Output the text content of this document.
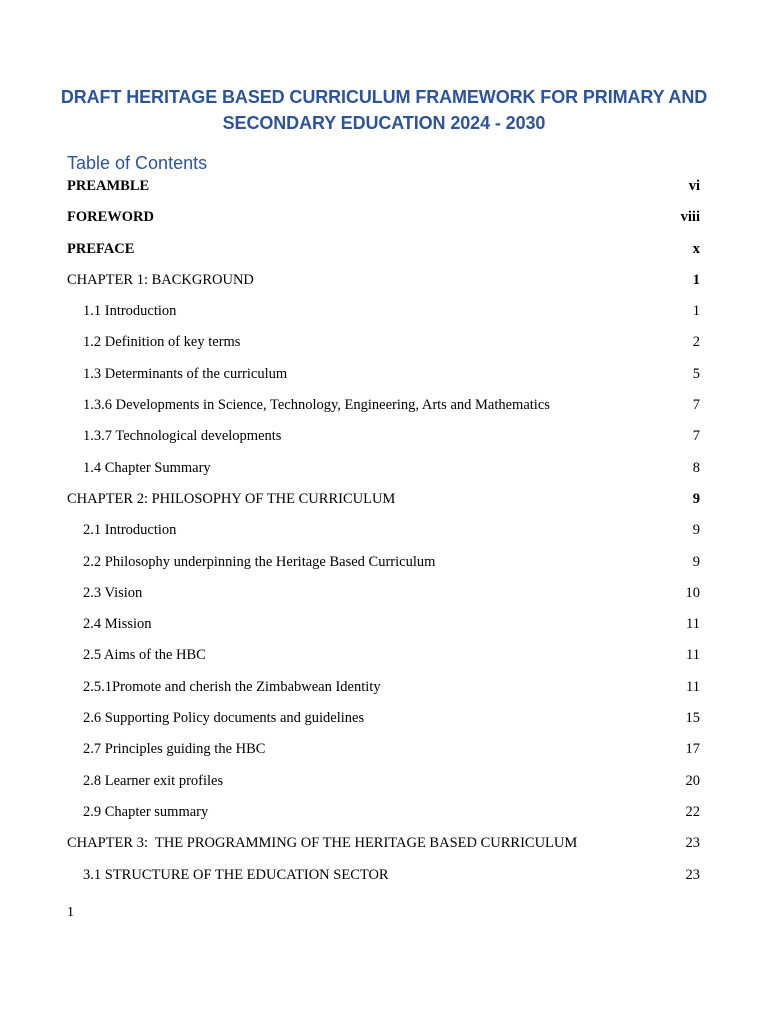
DRAFT HERITAGE BASED CURRICULUM FRAMEWORK FOR PRIMARY AND
SECONDARY EDUCATION 2024 - 2030
Table of Contents
PREAMBLE	vi
FOREWORD	viii
PREFACE	x
CHAPTER 1: BACKGROUND	1
1.1 Introduction	1
1.2 Definition of key terms	2
1.3 Determinants of the curriculum	5
1.3.6 Developments in Science, Technology, Engineering, Arts and Mathematics	7
1.3.7 Technological developments	7
1.4 Chapter Summary	8
CHAPTER 2: PHILOSOPHY OF THE CURRICULUM	9
2.1 Introduction	9
2.2 Philosophy underpinning the Heritage Based Curriculum	9
2.3 Vision	10
2.4 Mission	11
2.5 Aims of the HBC	11
2.5.1Promote and cherish the Zimbabwean Identity	11
2.6 Supporting Policy documents and guidelines	15
2.7 Principles guiding the HBC	17
2.8 Learner exit profiles	20
2.9 Chapter summary	22
CHAPTER 3:  THE PROGRAMMING OF THE HERITAGE BASED CURRICULUM	23
3.1 STRUCTURE OF THE EDUCATION SECTOR	23
1
